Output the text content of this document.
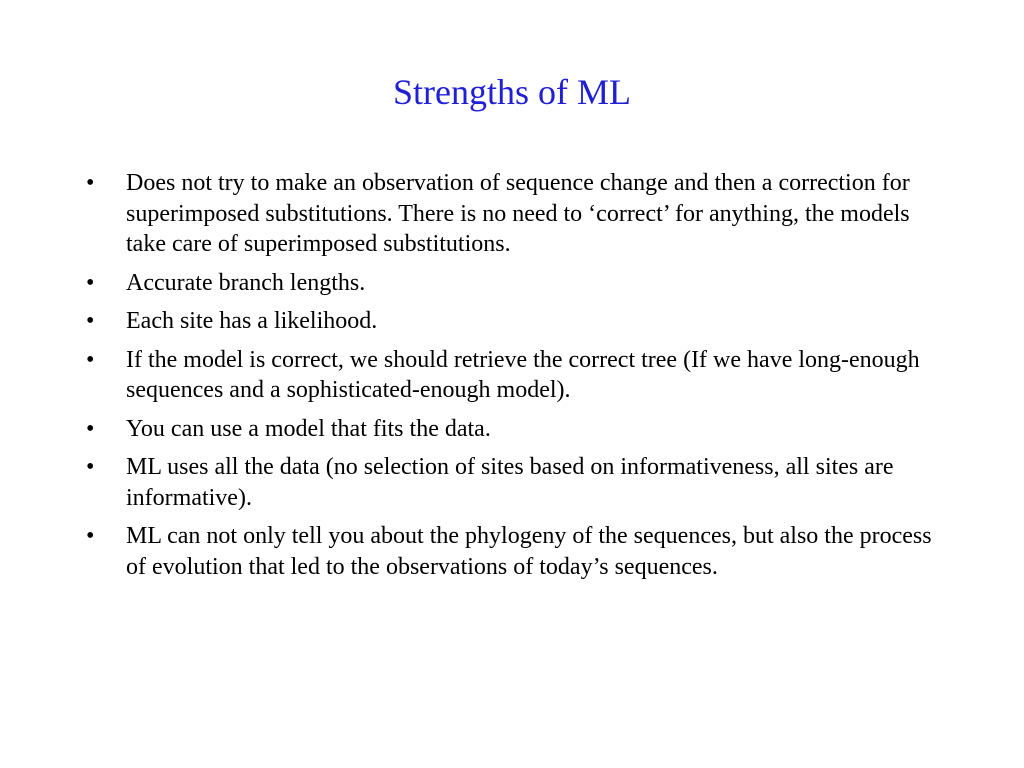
Strengths of ML
•	Does not try to make an observation of sequence change and then a correction for superimposed substitutions. There is no need to ‘correct’ for anything, the models take care of superimposed substitutions.
•	Accurate branch lengths.
•	Each site has a likelihood.
•	If the model is correct, we should retrieve the correct tree (If we have long-enough sequences and a sophisticated-enough model).
•	You can use a model that fits the data.
•	ML uses all the data (no selection of sites based on informativeness, all sites are informative).
•	ML can not only tell you about the phylogeny of the sequences, but also the process of evolution that led to the observations of today’s sequences.
